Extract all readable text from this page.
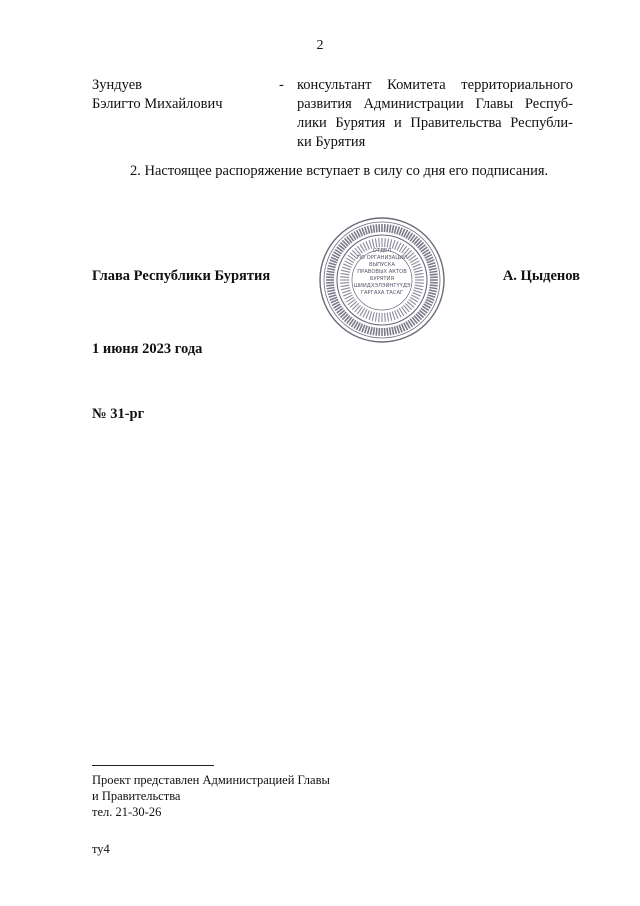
2
Зундуев
Бэлигто Михайлович
- консультант Комитета территориального
развития Администрации Главы Респуб-
лики Бурятия и Правительства Республи-
ки Бурятия
2. Настоящее распоряжение вступает в силу со дня его подписания.
Глава Республики Бурятия
ОТДЕЛ
ПО ОРГАНИЗАЦИИ
ВЫПУСКА
ПРАВОВЫХ АКТОВ
БУРЯТИЯ
ШИИДХЭЛЭЙНГҮҮДЭ
ГАРГАХА ТАСАГ
А. Цыденов
1 июня 2023 года
№ 31-рг
Проект представлен Администрацией Главы
и Правительства
тел. 21-30-26
ту4
